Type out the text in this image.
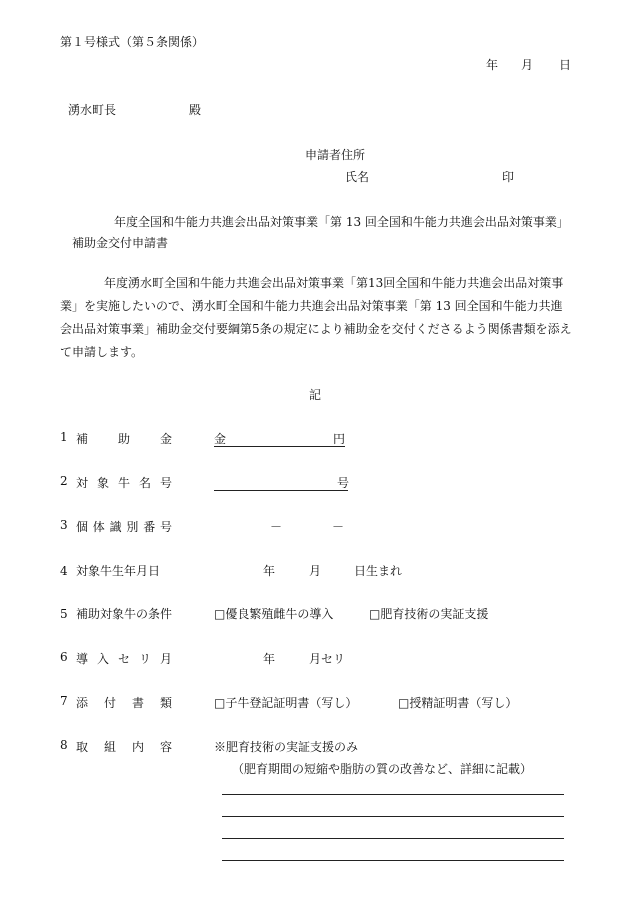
第１号様式（第５条関係）
年 月 日
湧水町長	殿
申請者住所
氏名	印
年度全国和牛能力共進会出品対策事業「第 13 回全国和牛能力共進会出品対策事業」
補助金交付申請書
年度湧水町全国和牛能力共進会出品対策事業「第13回全国和牛能力共進会出品対策事業」を実施したいので、湧水町全国和牛能力共進会出品対策事業「第 13 回全国和牛能力共進会出品対策事業」補助金交付要綱第5条の規定により補助金を交付くださるよう関係書類を添えて申請します。
記
1 補 助 金	金	円
2 対 象 牛 名 号	号
3 個 体 識 別 番 号	－	－
4 対象牛生年月日	年	月	日生まれ
5 補助対象牛の条件	□優良繁殖雌牛の導入	□肥育技術の実証支援
6 導 入 セ リ 月	年	月セリ
7 添 付 書 類	□子牛登記証明書（写し）	□授精証明書（写し）
8 取 組 内 容	※肥育技術の実証支援のみ
（肥育期間の短縮や脂肪の質の改善など、詳細に記載）
